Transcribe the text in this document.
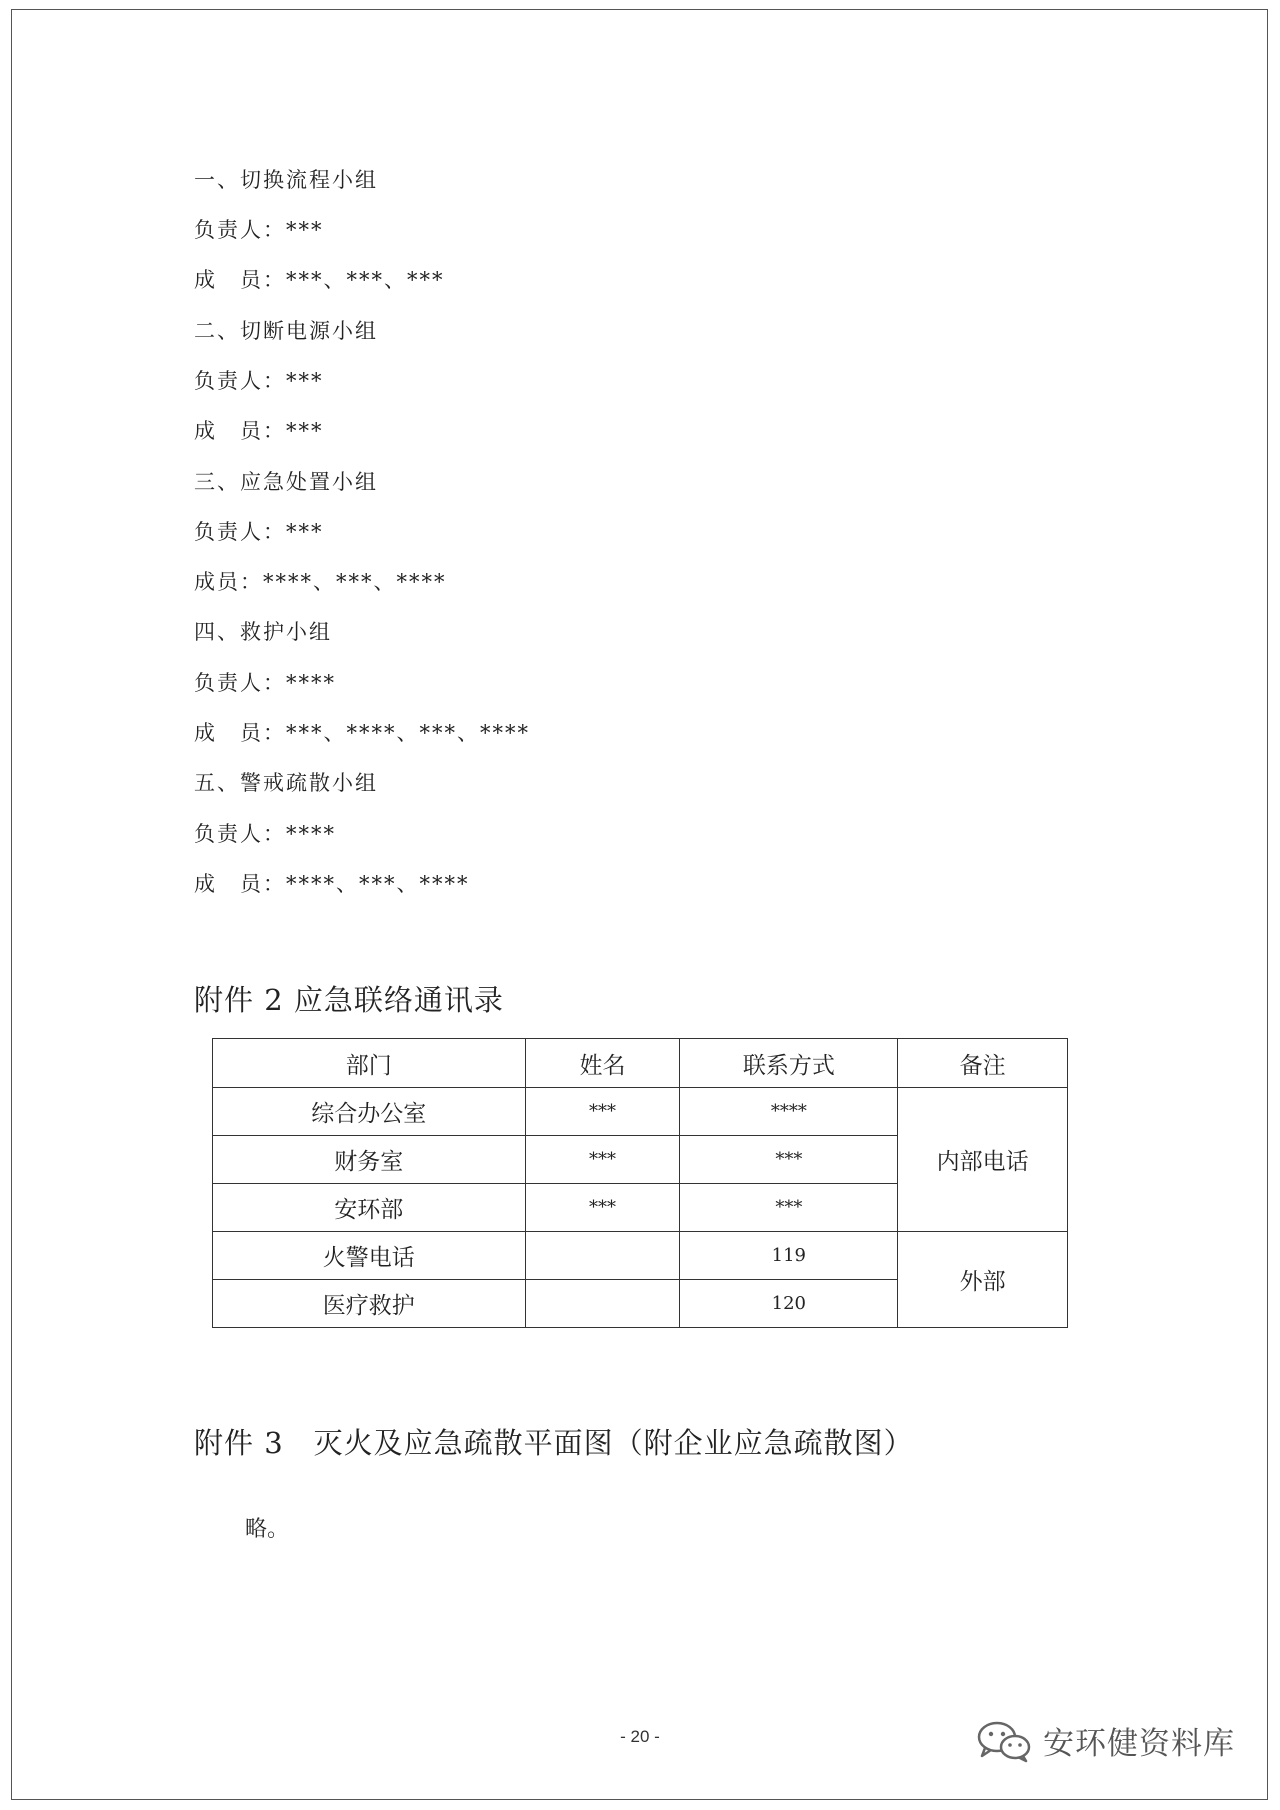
一、切换流程小组
负责人：***
成　员：***、***、***
二、切断电源小组
负责人：***
成　员：***
三、应急处置小组
负责人：***
成员：****、***、****
四、救护小组
负责人：****
成　员：***、****、***、****
五、警戒疏散小组
负责人：****
成　员：****、***、****
附件 2 应急联络通讯录
部门	姓名	联系方式	备注
综合办公室	***	****	内部电话
财务室	***	***	
安环部	***	***	
火警电话		119	外部
医疗救护		120	
附件 3　灭火及应急疏散平面图（附企业应急疏散图）
略。
- 20 -	安环健资料库
